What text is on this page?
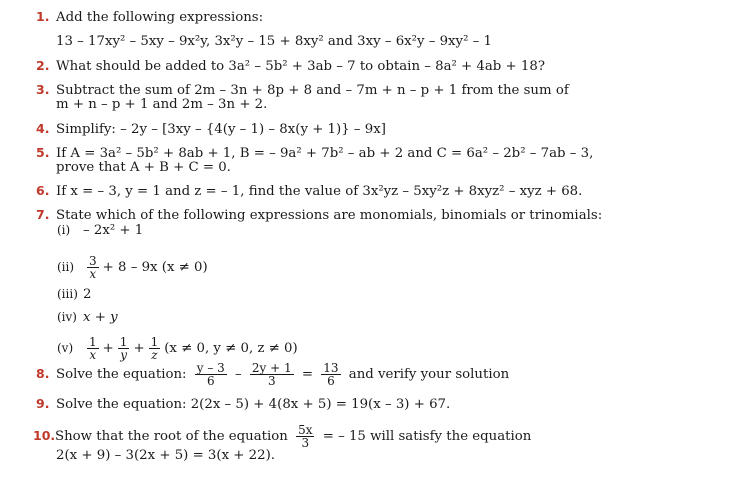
1. Add the following expressions:
13 – 17xy² – 5xy – 9x²y, 3x²y – 15 + 8xy² and 3xy – 6x²y – 9xy² – 1
2. What should be added to 3a² – 5b² + 3ab – 7 to obtain – 8a² + 4ab + 18?
3. Subtract the sum of 2m – 3n + 8p + 8 and – 7m + n – p + 1 from the sum of
m + n – p + 1 and 2m – 3n + 2.
4. Simplify: – 2y – [3xy – {4(y – 1) – 8x(y + 1)} – 9x]
5. If A = 3a² – 5b² + 8ab + 1, B = – 9a² + 7b² – ab + 2 and C = 6a² – 2b² – 7ab – 3,
prove that A + B + C = 0.
6. If x = – 3, y = 1 and z = – 1, find the value of 3x²yz – 5xy²z + 8xyz² – xyz + 68.
7. State which of the following expressions are monomials, binomials or trinomials:
(i) – 2x² + 1
$(ii) \frac{3}{x} + 8 - 9x$ (x ≠ 0)
(iii) 2
(iv) x + y
$(v) \frac{1}{x} + \frac{1}{y} + \frac{1}{z} (x \ne 0$, y ≠ 0, z ≠ 0)
8. Solve the equation: $\frac{y - 3}{6} - \frac{2y + 1}{3} = \frac{13}{6}$ and verify your solution
9. Solve the equation: 2(2x – 5) + 4(8x + 5) = 19(x – 3) + 67.
10.Show that the root of the equation $\frac{5x}{3}$ = – 15 will satisfy the equation
2(x + 9) – 3(2x + 5) = 3(x + 22).
